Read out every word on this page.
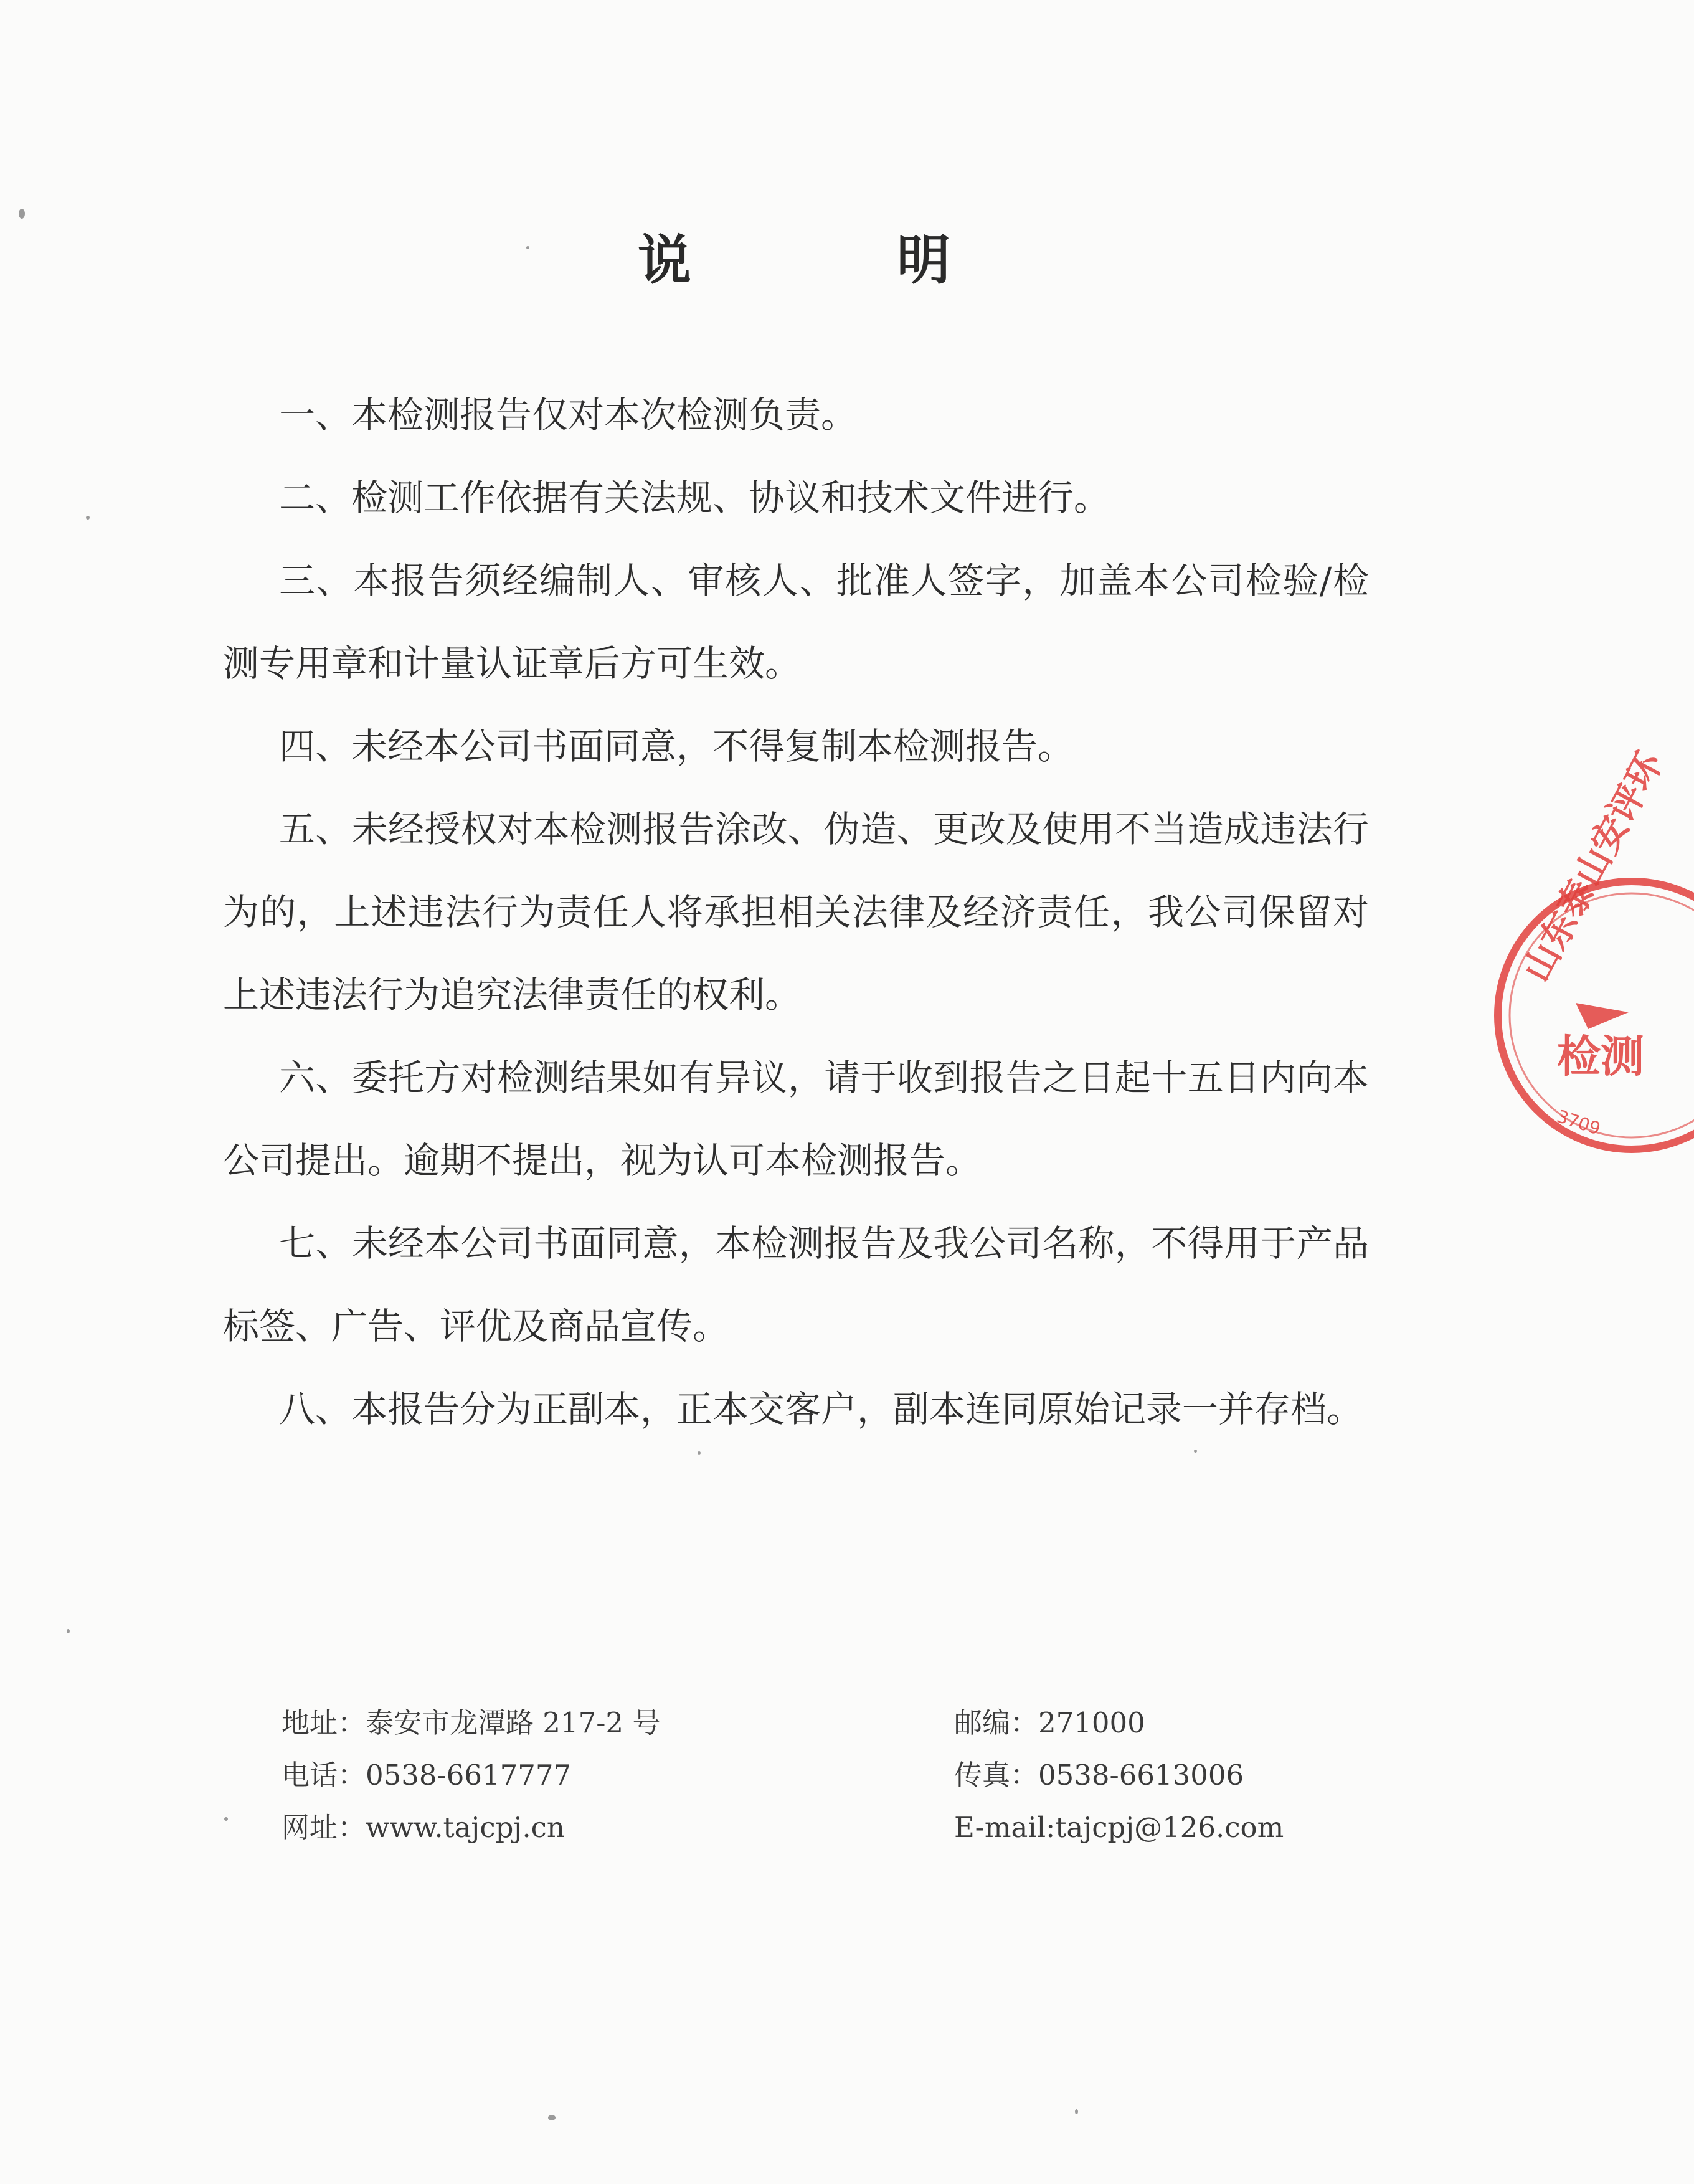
说 明

一、本检测报告仅对本次检测负责。

二、检测工作依据有关法规、协议和技术文件进行。

三、本报告须经编制人、审核人、批准人签字，加盖本公司检验/检测专用章和计量认证章后方可生效。

四、未经本公司书面同意，不得复制本检测报告。

五、未经授权对本检测报告涂改、伪造、更改及使用不当造成违法行为的，上述违法行为责任人将承担相关法律及经济责任，我公司保留对上述违法行为追究法律责任的权利。

六、委托方对检测结果如有异议，请于收到报告之日起十五日内向本公司提出。逾期不提出，视为认可本检测报告。

七、未经本公司书面同意，本检测报告及我公司名称，不得用于产品标签、广告、评优及商品宣传。

八、本报告分为正副本，正本交客户，副本连同原始记录一并存档。

地址：泰安市龙潭路 217-2 号	邮编：271000
电话：0538-6617777	传真：0538-6613006
网址：www.tajcpj.cn	E-mail:tajcpj@126.com
山东泰山安评环
检测
3709
